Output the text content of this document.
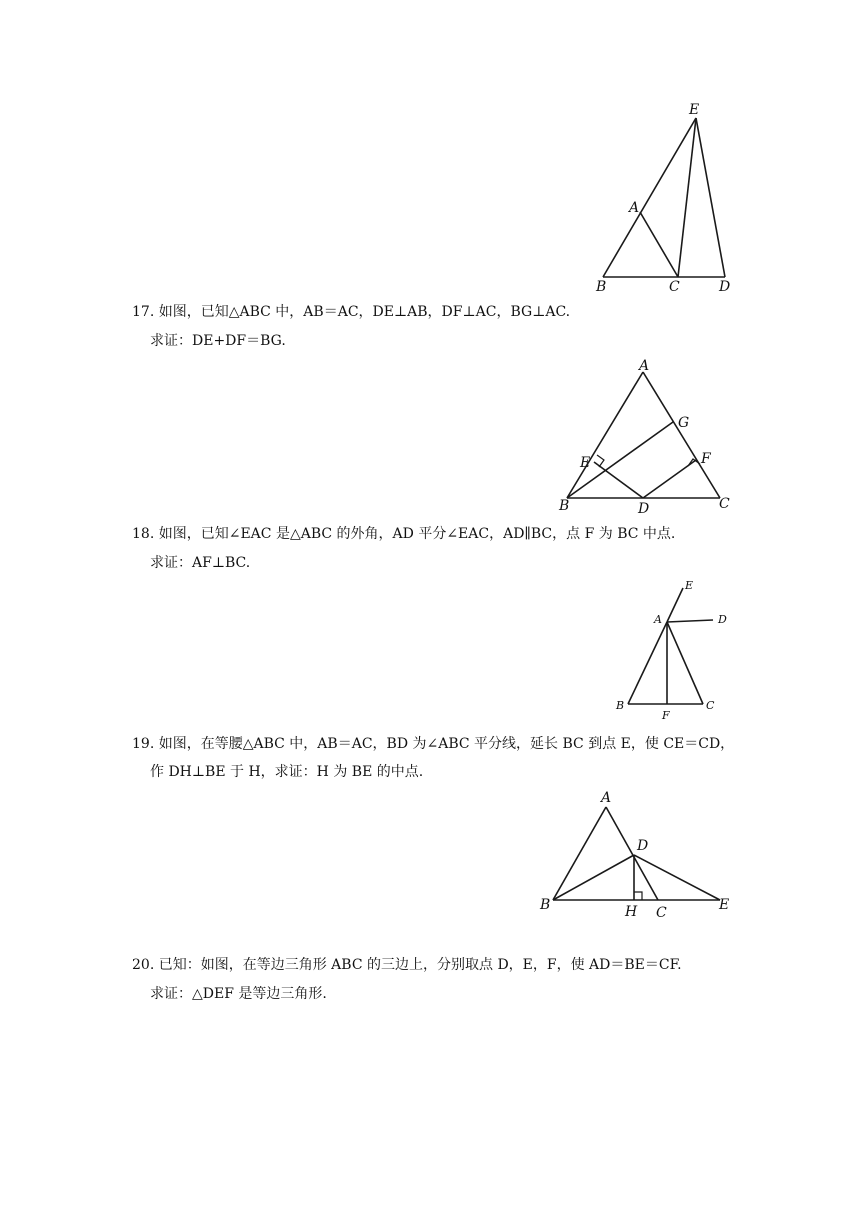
E
A
B	C	D
17. 如图，已知△ABC 中，AB＝AC，DE⊥AB，DF⊥AC，BG⊥AC.
求证：DE+DF＝BG.
A
G
E	F
B	D	C
18. 如图，已知∠EAC 是△ABC 的外角，AD 平分∠EAC，AD∥BC，点 F 为 BC 中点.
求证：AF⊥BC.
E
A	D
B
F
C
19. 如图，在等腰△ABC 中，AB＝AC，BD 为∠ABC 平分线，延长 BC 到点 E，使 CE＝CD，
作 DH⊥BE 于 H，求证：H 为 BE 的中点.
A
D
B	H C	E
20. 已知：如图，在等边三角形 ABC 的三边上，分别取点 D，E，F，使 AD＝BE＝CF.
求证：△DEF 是等边三角形.
